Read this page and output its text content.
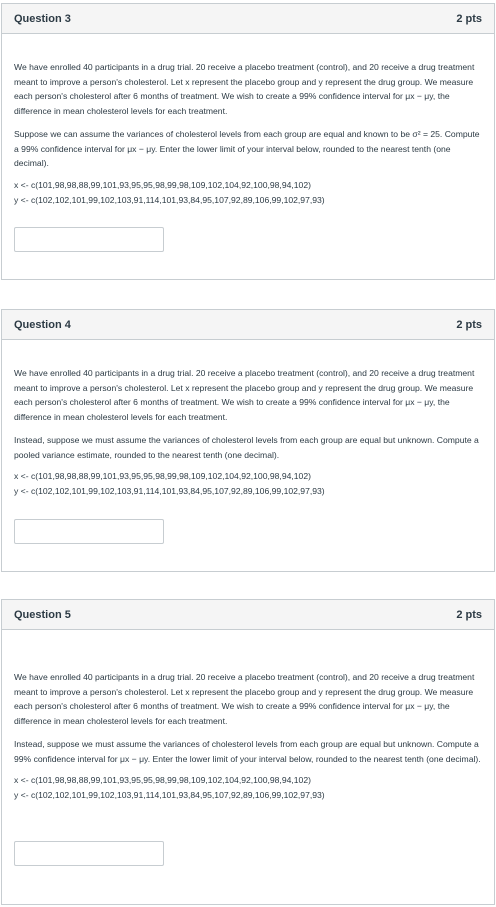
Question 3	2 pts

We have enrolled 40 participants in a drug trial. 20 receive a placebo treatment (control), and 20 receive a drug treatment meant to improve a person's cholesterol. Let x represent the placebo group and y represent the drug group. We measure each person's cholesterol after 6 months of treatment. We wish to create a 99% confidence interval for μx − μy, the difference in mean cholesterol levels for each treatment.

Suppose we can assume the variances of cholesterol levels from each group are equal and known to be σ² = 25. Compute a 99% confidence interval for μx − μy. Enter the lower limit of your interval below, rounded to the nearest tenth (one decimal).

x <- c(101,98,98,88,99,101,93,95,95,98,99,98,109,102,104,92,100,98,94,102)

y <- c(102,102,101,99,102,103,91,114,101,93,84,95,107,92,89,106,99,102,97,93)

Question 4	2 pts

We have enrolled 40 participants in a drug trial. 20 receive a placebo treatment (control), and 20 receive a drug treatment meant to improve a person's cholesterol. Let x represent the placebo group and y represent the drug group. We measure each person's cholesterol after 6 months of treatment. We wish to create a 99% confidence interval for μx − μy, the difference in mean cholesterol levels for each treatment.

Instead, suppose we must assume the variances of cholesterol levels from each group are equal but unknown. Compute a pooled variance estimate, rounded to the nearest tenth (one decimal).

x <- c(101,98,98,88,99,101,93,95,95,98,99,98,109,102,104,92,100,98,94,102)

y <- c(102,102,101,99,102,103,91,114,101,93,84,95,107,92,89,106,99,102,97,93)

Question 5	2 pts

We have enrolled 40 participants in a drug trial. 20 receive a placebo treatment (control), and 20 receive a drug treatment meant to improve a person's cholesterol. Let x represent the placebo group and y represent the drug group. We measure each person's cholesterol after 6 months of treatment. We wish to create a 99% confidence interval for μx − μy, the difference in mean cholesterol levels for each treatment.

Instead, suppose we must assume the variances of cholesterol levels from each group are equal but unknown. Compute a 99% confidence interval for μx − μy. Enter the lower limit of your interval below, rounded to the nearest tenth (one decimal).

x <- c(101,98,98,88,99,101,93,95,95,98,99,98,109,102,104,92,100,98,94,102)

y <- c(102,102,101,99,102,103,91,114,101,93,84,95,107,92,89,106,99,102,97,93)
